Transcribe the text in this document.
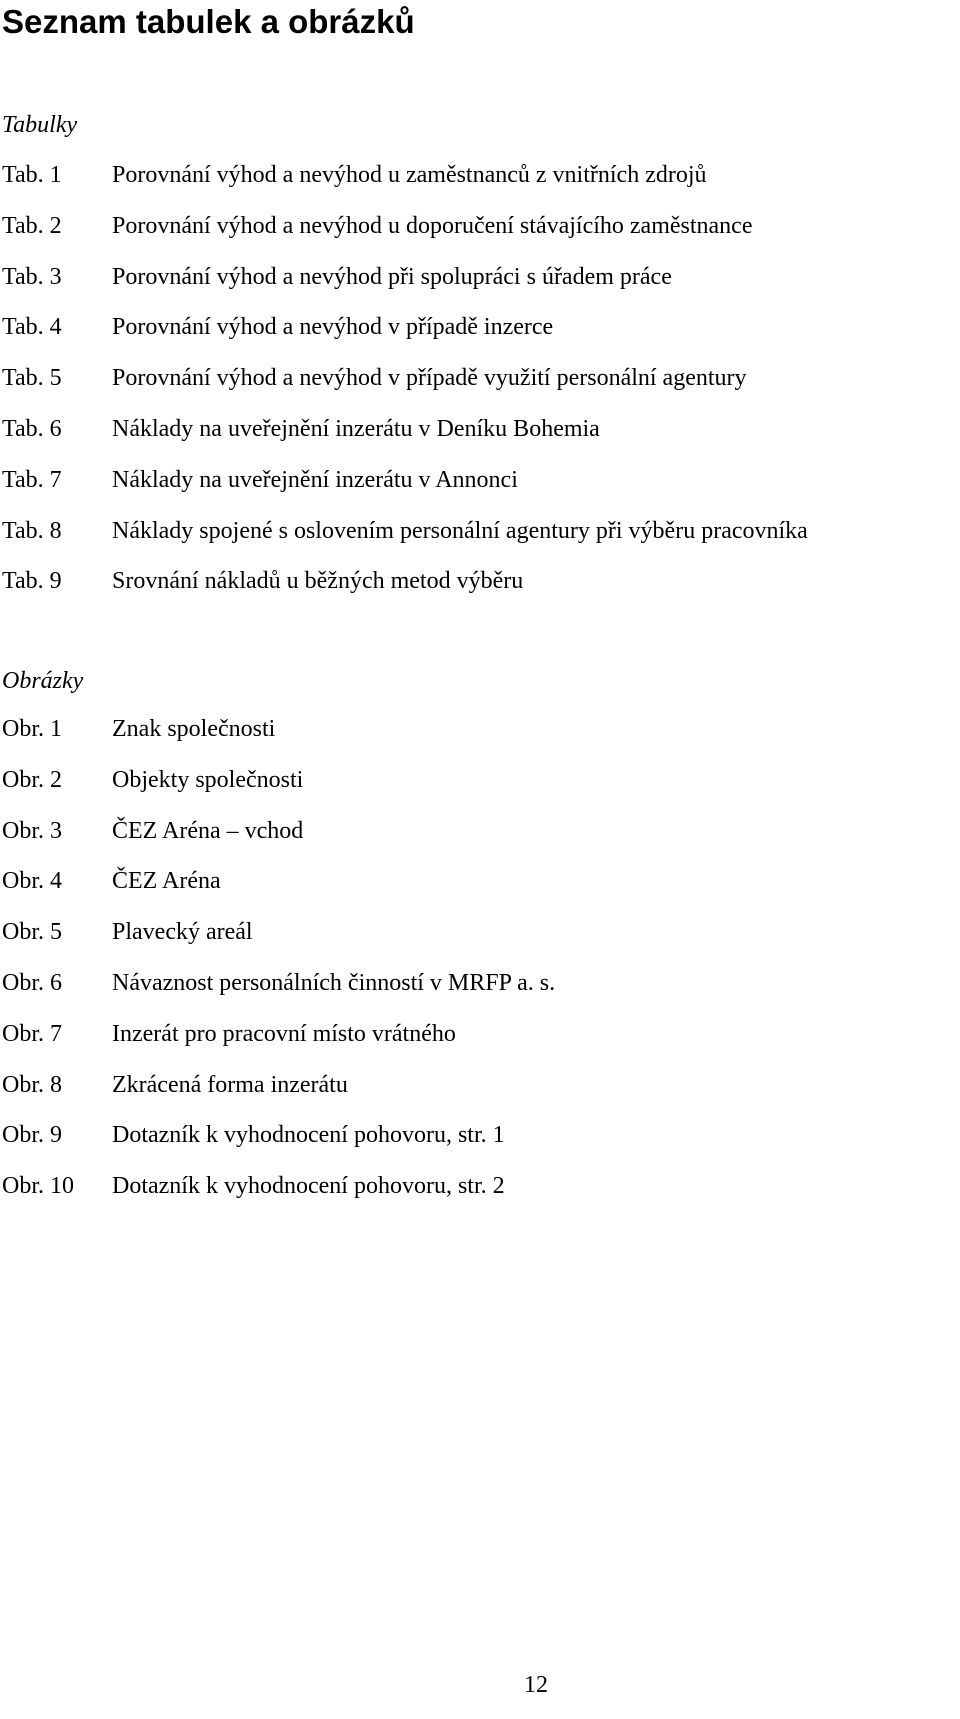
Seznam tabulek a obrázků
Tabulky
Tab. 1 Porovnání výhod a nevýhod u zaměstnanců z vnitřních zdrojů
Tab. 2 Porovnání výhod a nevýhod u doporučení stávajícího zaměstnance
Tab. 3 Porovnání výhod a nevýhod při spolupráci s úřadem práce
Tab. 4 Porovnání výhod a nevýhod v případě inzerce
Tab. 5 Porovnání výhod a nevýhod v případě využití personální agentury
Tab. 6 Náklady na uveřejnění inzerátu v Deníku Bohemia
Tab. 7 Náklady na uveřejnění inzerátu v Annonci
Tab. 8 Náklady spojené s oslovením personální agentury při výběru pracovníka
Tab. 9 Srovnání nákladů u běžných metod výběru
Obrázky
Obr. 1 Znak společnosti
Obr. 2 Objekty společnosti
Obr. 3 ČEZ Aréna – vchod
Obr. 4 ČEZ Aréna
Obr. 5 Plavecký areál
Obr. 6 Návaznost personálních činností v MRFP a. s.
Obr. 7 Inzerát pro pracovní místo vrátného
Obr. 8 Zkrácená forma inzerátu
Obr. 9 Dotazník k vyhodnocení pohovoru, str. 1
Obr. 10 Dotazník k vyhodnocení pohovoru, str. 2
12
